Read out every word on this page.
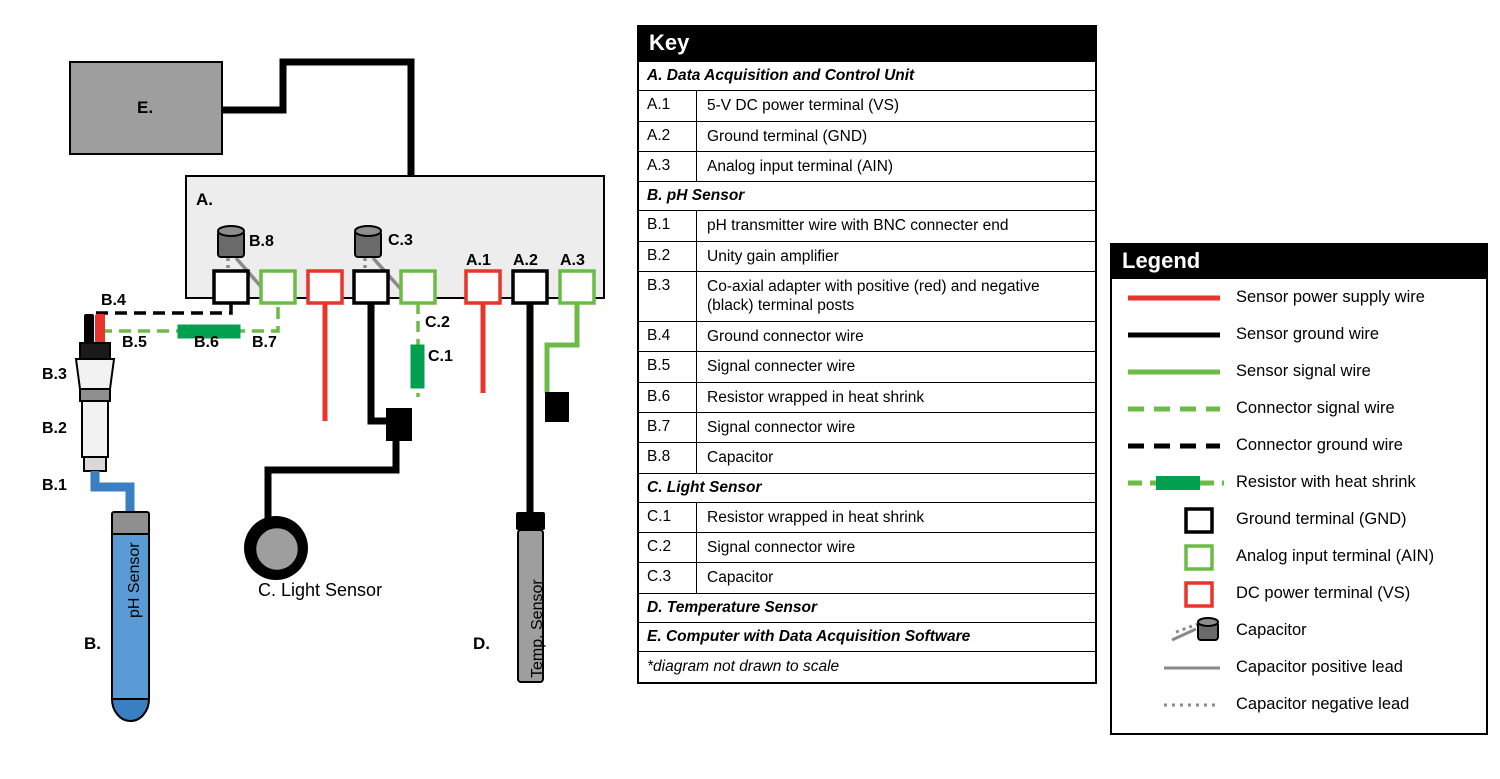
E.
A.
B.8	C.3
A.1 A.2 A.3
B.4
B.5	B.6 B.7
C.2
C.1
B.3
B.2
B.1
B.	D.
C. Light Sensor
pH Sensor	Temp. Sensor
Key
A. Data Acquisition and Control Unit
A.1	5-V DC power terminal (VS)
A.2	Ground terminal (GND)
A.3	Analog input terminal (AIN)
B. pH Sensor
B.1	pH transmitter wire with BNC connecter end
B.2	Unity gain amplifier
B.3	Co-axial adapter with positive (red) and negative (black) terminal posts
B.4	Ground connector wire
B.5	Signal connecter wire
B.6	Resistor wrapped in heat shrink
B.7	Signal connector wire
B.8	Capacitor
C. Light Sensor
C.1	Resistor wrapped in heat shrink
C.2	Signal connector wire
C.3	Capacitor
D. Temperature Sensor
E. Computer with Data Acquisition Software
*diagram not drawn to scale
Legend
Sensor power supply wire
Sensor ground wire
Sensor signal wire
Connector signal wire
Connector ground wire
Resistor with heat shrink
Ground terminal (GND)
Analog input terminal (AIN)
DC power terminal (VS)
Capacitor
Capacitor positive lead
Capacitor negative lead
